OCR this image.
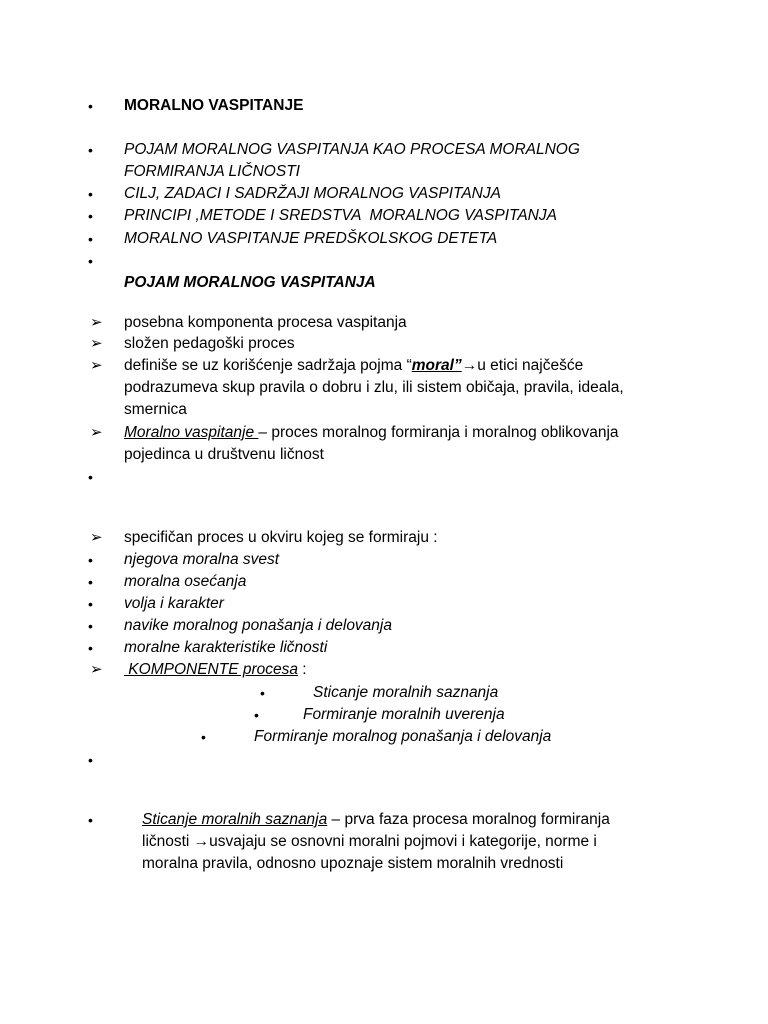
•	MORALNO VASPITANJE
•	POJAM MORALNOG VASPITANJA KAO PROCESA MORALNOG FORMIRANJA LIČNOSTI
•	CILJ, ZADACI I SADRŽAJI MORALNOG VASPITANJA
•	PRINCIPI ,METODE I SREDSTVA  MORALNOG VASPITANJA
•	MORALNO VASPITANJE PREDŠKOLSKOG DETETA
•
POJAM MORALNOG VASPITANJA
➢	posebna komponenta procesa vaspitanja
➢	složen pedagoški proces
➢	definiše se uz korišćenje sadržaja pojma “moral”→u etici najčešće podrazumeva skup pravila o dobru i zlu, ili sistem običaja, pravila, ideala, smernica
➢	Moralno vaspitanje – proces moralnog formiranja i moralnog oblikovanja pojedinca u društvenu ličnost
•
➢	specifičan proces u okviru kojeg se formiraju :
•	njegova moralna svest
•	moralna osećanja
•	volja i karakter
•	navike moralnog ponašanja i delovanja
•	moralne karakteristike ličnosti
➢	KOMPONENTE procesa :
•	Sticanje moralnih saznanja
•	Formiranje moralnih uverenja
•	Formiranje moralnog ponašanja i delovanja
•
•	Sticanje moralnih saznanja – prva faza procesa moralnog formiranja ličnosti →usvajaju se osnovni moralni pojmovi i kategorije, norme i moralna pravila, odnosno upoznaje sistem moralnih vrednosti
